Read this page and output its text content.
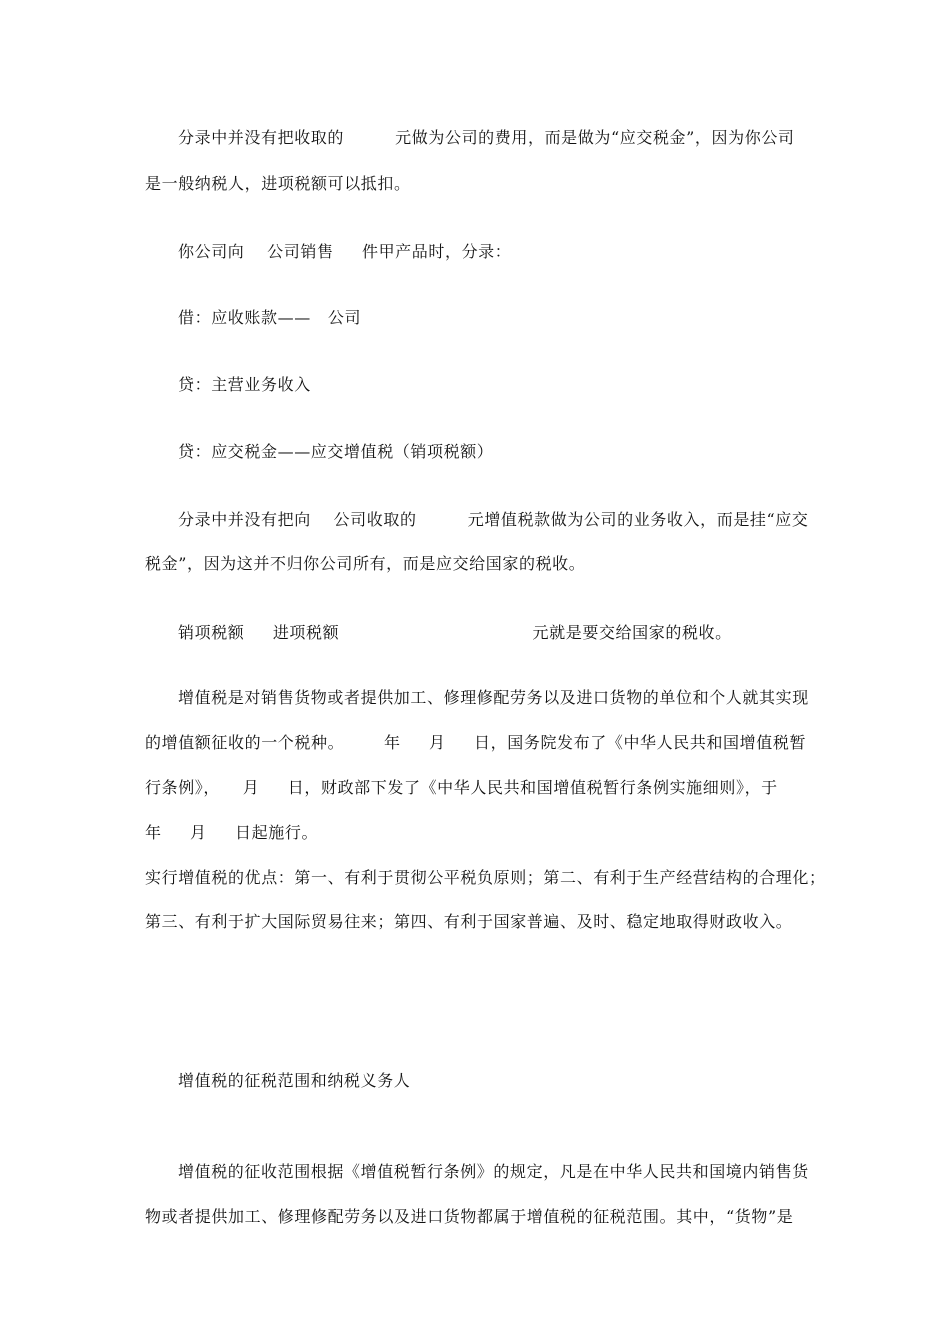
分录中并没有把收取的         元做为公司的费用，而是做为“应交税金”，因为你公司
是一般纳税人，进项税额可以抵扣。
你公司向    公司销售     件甲产品时，分录：
借：应收账款——   公司
贷：主营业务收入
贷：应交税金——应交增值税（销项税额）
分录中并没有把向    公司收取的         元增值税款做为公司的业务收入，而是挂“应交
税金”，因为这并不归你公司所有，而是应交给国家的税收。
销项税额     进项税额                                  元就是要交给国家的税收。
增值税是对销售货物或者提供加工、修理修配劳务以及进口货物的单位和个人就其实现
的增值额征收的一个税种。       年     月     日，国务院发布了《中华人民共和国增值税暂
行条例》，    月     日，财政部下发了《中华人民共和国增值税暂行条例实施细则》，于
年     月     日起施行。
实行增值税的优点：第一、有利于贯彻公平税负原则；第二、有利于生产经营结构的合理化；
第三、有利于扩大国际贸易往来；第四、有利于国家普遍、及时、稳定地取得财政收入。
增值税的征税范围和纳税义务人
增值税的征收范围根据《增值税暂行条例》的规定，凡是在中华人民共和国境内销售货
物或者提供加工、修理修配劳务以及进口货物都属于增值税的征税范围。其中，“货物”是
